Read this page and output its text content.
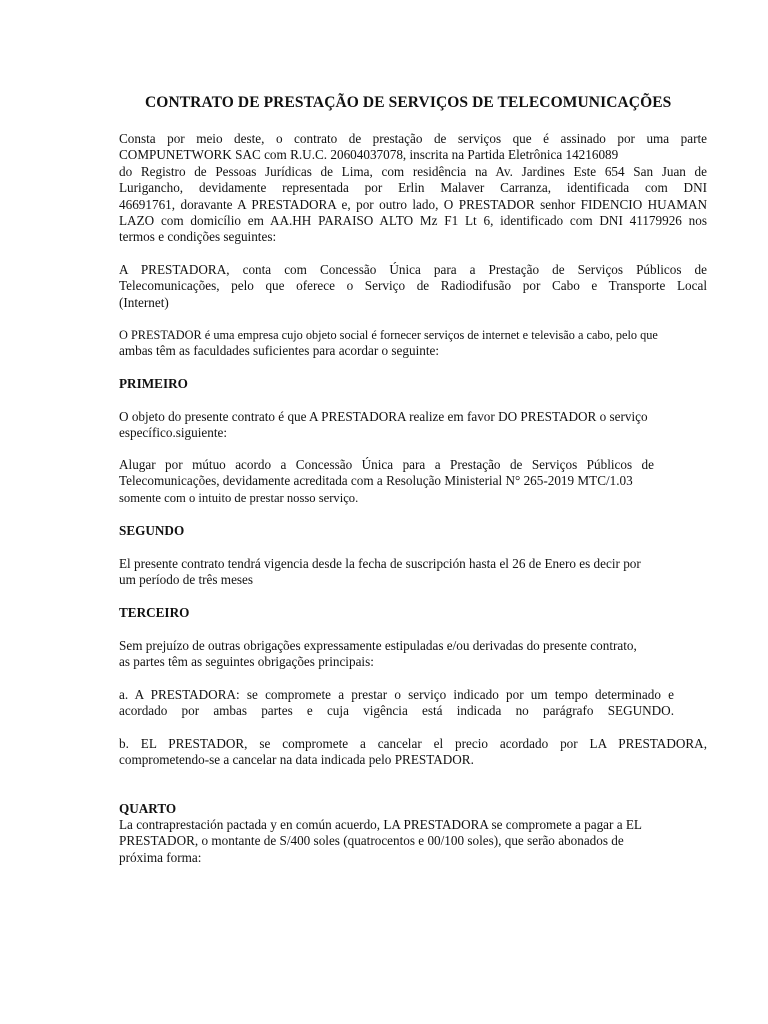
CONTRATO DE PRESTAÇÃO DE SERVIÇOS DE TELECOMUNICAÇÕES
Consta por meio deste, o contrato de prestação de serviços que é assinado por uma parte
COMPUNETWORK SAC com R.U.C. 20604037078, inscrita na Partida Eletrônica 14216089
do Registro de Pessoas Jurídicas de Lima, com residência na Av. Jardines Este 654 San Juan de
Lurigancho, devidamente representada por Erlin Malaver Carranza, identificada com DNI
46691761, doravante A PRESTADORA e, por outro lado, O PRESTADOR senhor FIDENCIO HUAMAN
LAZO com domicílio em AA.HH PARAISO ALTO Mz F1 Lt 6, identificado com DNI 41179926 nos
termos e condições seguintes:
A PRESTADORA, conta com Concessão Única para a Prestação de Serviços Públicos de
Telecomunicações, pelo que oferece o Serviço de Radiodifusão por Cabo e Transporte Local
(Internet)
O PRESTADOR é uma empresa cujo objeto social é fornecer serviços de internet e televisão a cabo, pelo que
ambas têm as faculdades suficientes para acordar o seguinte:
PRIMEIRO
O objeto do presente contrato é que A PRESTADORA realize em favor DO PRESTADOR o serviço
específico.siguiente:
Alugar por mútuo acordo a Concessão Única para a Prestação de Serviços Públicos de
Telecomunicações, devidamente acreditada com a Resolução Ministerial N° 265-2019 MTC/1.03
somente com o intuito de prestar nosso serviço.
SEGUNDO
El presente contrato tendrá vigencia desde la fecha de suscripción hasta el 26 de Enero es decir por
um período de três meses
TERCEIRO
Sem prejuízo de outras obrigações expressamente estipuladas e/ou derivadas do presente contrato,
as partes têm as seguintes obrigações principais:
a. A PRESTADORA: se compromete a prestar o serviço indicado por um tempo determinado e
acordado por ambas partes e cuja vigência está indicada no parágrafo SEGUNDO.
b. EL PRESTADOR, se compromete a cancelar el precio acordado por LA PRESTADORA,
comprometendo-se a cancelar na data indicada pelo PRESTADOR.
QUARTO
La contraprestación pactada y en común acuerdo, LA PRESTADORA se compromete a pagar a EL
PRESTADOR, o montante de S/400 soles (quatrocentos e 00/100 soles), que serão abonados de
próxima forma:
